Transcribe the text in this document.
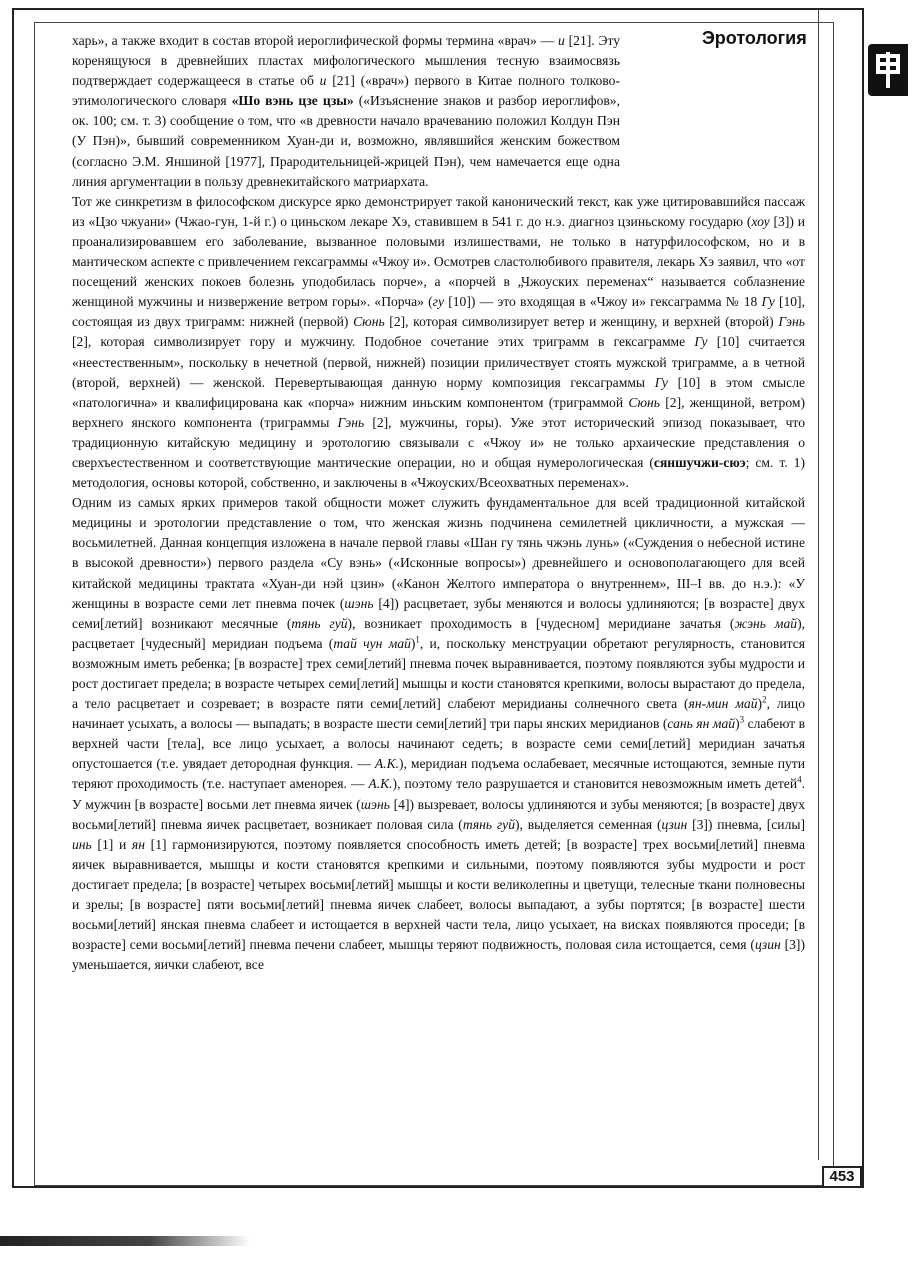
Эротология

харь», а также входит в состав второй иероглифической формы термина «врач» — и [21]. Эту коренящуюся в древнейших пластах мифологического мышления тесную взаимосвязь подтверждает содержащееся в статье об и [21] («врач») первого в Китае полного толково-этимологического словаря «Шо вэнь цзе цзы» («Изъяснение знаков и разбор иероглифов», ок. 100; см. т. 3) сообщение о том, что «в древности начало врачеванию положил Колдун Пэн (У Пэн)», бывший современником Хуан-ди и, возможно, являвшийся женским божеством (согласно Э.М. Яншиной [1977], Прародительницей-жрицей Пэн), чем намечается еще одна линия аргументации в пользу древнекитайского матриархата.

Тот же синкретизм в философском дискурсе ярко демонстрирует такой канонический текст, как уже цитировавшийся пассаж из «Цзо чжуани» (Чжао-гун, 1-й г.) о циньском лекаре Хэ, ставившем в 541 г. до н.э. диагноз цзиньскому государю (хоу [3]) и проанализировавшем его заболевание, вызванное половыми излишествами, не только в натурфилософском, но и в мантическом аспекте с привлечением гексаграммы «Чжоу и». Осмотрев сластолюбивого правителя, лекарь Хэ заявил, что «от посещений женских покоев болезнь уподобилась порче», а «порчей в „Чжоуских переменах“ называется соблазнение женщиной мужчины и низвержение ветром горы». «Порча» (гу [10]) — это входящая в «Чжоу и» гексаграмма № 18 Гу [10], состоящая из двух триграмм: нижней (первой) Сюнь [2], которая символизирует ветер и женщину, и верхней (второй) Гэнь [2], которая символизирует гору и мужчину. Подобное сочетание этих триграмм в гексаграмме Гу [10] считается «неестественным», поскольку в нечетной (первой, нижней) позиции приличествует стоять мужской триграмме, а в четной (второй, верхней) — женской. Перевертывающая данную норму композиция гексаграммы Гу [10] в этом смысле «патологична» и квалифицирована как «порча» нижним иньским компонентом (триграммой Сюнь [2], женщиной, ветром) верхнего янского компонента (триграммы Гэнь [2], мужчины, горы). Уже этот исторический эпизод показывает, что традиционную китайскую медицину и эротологию связывали с «Чжоу и» не только архаические представления о сверхъестественном и соответствующие мантические операции, но и общая нумерологическая (сяншучжи-сюэ; см. т. 1) методология, основы которой, собственно, и заключены в «Чжоуских/Всеохватных переменах».

Одним из самых ярких примеров такой общности может служить фундаментальное для всей традиционной китайской медицины и эротологии представление о том, что женская жизнь подчинена семилетней цикличности, а мужская — восьмилетней. Данная концепция изложена в начале первой главы «Шан гу тянь чжэнь лунь» («Суждения о небесной истине в высокой древности») первого раздела «Су вэнь» («Исконные вопросы») древнейшего и основополагающего для всей китайской медицины трактата «Хуан-ди нэй цзин» («Канон Желтого императора о внутреннем», III–I вв. до н.э.): «У женщины в возрасте семи лет пневма почек (шэнь [4]) расцветает, зубы меняются и волосы удлиняются; [в возрасте] двух семи[летий] возникают месячные (тянь гуй), возникает проходимость в [чудесном] меридиане зачатья (жэнь май), расцветает [чудесный] меридиан подъема (тай чун май)$^1$, и, поскольку менструации обретают регулярность, становится возможным иметь ребенка; [в возрасте] трех семи[летий] пневма почек выравнивается, поэтому появляются зубы мудрости и рост достигает предела; в возрасте четырех семи[летий] мышцы и кости становятся крепкими, волосы вырастают до предела, а тело расцветает и созревает; в возрасте пяти семи[летий] слабеют меридианы солнечного света (ян-мин май)$^2$, лицо начинает усыхать, а волосы — выпадать; в возрасте шести семи[летий] три пары янских меридианов (сань ян май)$^3$ слабеют в верхней части [тела], все лицо усыхает, а волосы начинают седеть; в возрасте семи семи[летий] меридиан зачатья опустошается (т.е. увядает детородная функция. — А.К.), меридиан подъема ослабевает, месячные истощаются, земные пути теряют проходимость (т.е. наступает аменорея. — А.К.), поэтому тело разрушается и становится невозможным иметь детей$^4$. У мужчин [в возрасте] восьми лет пневма яичек (шэнь [4]) вызревает, волосы удлиняются и зубы меняются; [в возрасте] двух восьми[летий] пневма яичек расцветает, возникает половая сила (тянь гуй), выделяется семенная (цзин [3]) пневма, [силы] инь [1] и ян [1] гармонизируются, поэтому появляется способность иметь детей; [в возрасте] трех восьми[летий] пневма яичек выравнивается, мышцы и кости становятся крепкими и сильными, поэтому появляются зубы мудрости и рост достигает предела; [в возрасте] четырех восьми[летий] мышцы и кости великолепны и цветущи, телесные ткани полновесны и зрелы; [в возрасте] пяти восьми[летий] пневма яичек слабеет, волосы выпадают, а зубы портятся; [в возрасте] шести восьми[летий] янская пневма слабеет и истощается в верхней части тела, лицо усыхает, на висках появляются проседи; [в возрасте] семи восьми[летий] пневма печени слабеет, мышцы теряют подвижность, половая сила истощается, семя (цзин [3]) уменьшается, яички слабеют, все

453
